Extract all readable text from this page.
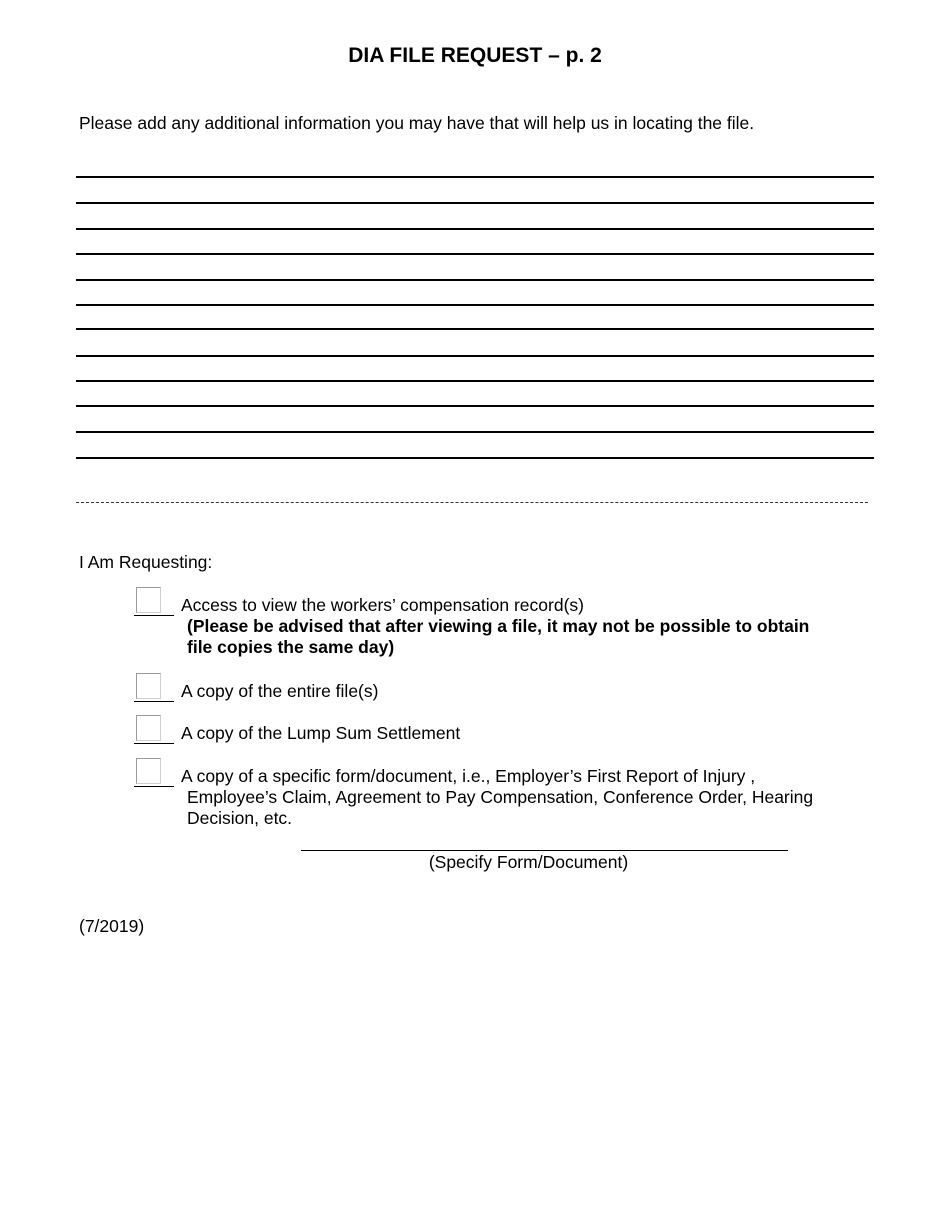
DIA FILE REQUEST – p. 2
Please add any additional information you may have that will help us in locating the file.
I Am Requesting:
Access to view the workers’ compensation record(s)
(Please be advised that after viewing a file, it may not be possible to obtain
file copies the same day)
A copy of the entire file(s)
A copy of the Lump Sum Settlement
A copy of a specific form/document, i.e., Employer’s First Report of Injury ,
Employee’s Claim, Agreement to Pay Compensation, Conference Order, Hearing
Decision, etc.
(Specify Form/Document)
(7/2019)
